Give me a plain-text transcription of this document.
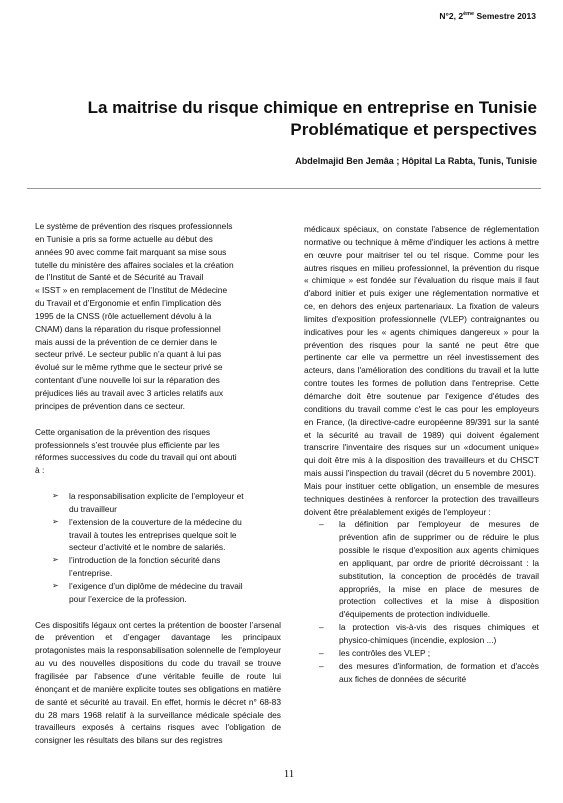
N°2, 2ème Semestre 2013
La maitrise du risque chimique en entreprise en Tunisie
Problématique et perspectives
Abdelmajid Ben Jemâa ; Hôpital La Rabta, Tunis, Tunisie

Le système de prévention des risques professionnels
en Tunisie a pris sa forme actuelle au début des
années 90 avec comme fait marquant sa mise sous
tutelle du ministère des affaires sociales et la création
de l’Institut de Santé et de Sécurité au Travail
« ISST » en remplacement de l’Institut de Médecine
du Travail et d’Ergonomie et enfin l’implication dès
1995 de la CNSS (rôle actuellement dévolu à la
CNAM) dans la réparation du risque professionnel
mais aussi de la prévention de ce dernier dans le
secteur privé. Le secteur public n’a quant à lui pas
évolué sur le même rythme que le secteur privé se
contentant d’une nouvelle loi sur la réparation des
préjudices liés au travail avec 3 articles relatifs aux
principes de prévention dans ce secteur.

Cette organisation de la prévention des risques
professionnels s’est trouvée plus efficiente par les
réformes successives du code du travail qui ont abouti
à :

➢ la responsabilisation explicite de l’employeur et
du travailleur
➢ l’extension de la couverture de la médecine du
travail à toutes les entreprises quelque soit le
secteur d’activité et le nombre de salariés.
➢ l’introduction de la fonction sécurité dans
l’entreprise.
➢ l’exigence d’un diplôme de médecine du travail
pour l’exercice de la profession.

Ces dispositifs légaux ont certes la prétention de booster l’arsenal de prévention et d’engager davantage les principaux protagonistes mais la responsabilisation solennelle de l'employeur au vu des nouvelles dispositions du code du travail se trouve fragilisée par l'absence d'une véritable feuille de route lui énonçant et de manière explicite toutes ses obligations en matière de santé et sécurité au travail. En effet, hormis le décret n° 68-83 du 28 mars 1968 relatif à la surveillance médicale spéciale des travailleurs exposés à certains risques avec l'obligation de consigner les résultats des bilans sur des registres

médicaux spéciaux, on constate l'absence de réglementation normative ou technique à même d'indiquer les actions à mettre en œuvre pour maitriser tel ou tel risque. Comme pour les autres risques en milieu professionnel, la prévention du risque « chimique » est fondée sur l'évaluation du risque mais il faut d'abord initier et puis exiger une réglementation normative et ce, en dehors des enjeux partenariaux. La fixation de valeurs limites d'exposition professionnelle (VLEP) contraignantes ou indicatives pour les « agents chimiques dangereux » pour la prévention des risques pour la santé ne peut être que pertinente car elle va permettre un réel investissement des acteurs, dans l'amélioration des conditions du travail et la lutte contre toutes les formes de pollution dans l'entreprise. Cette démarche doit être soutenue par l'exigence d'études des conditions du travail comme c'est le cas pour les employeurs en France, (la directive-cadre européenne 89/391 sur la santé et la sécurité au travail de 1989) qui doivent également transcrire l'inventaire des risques sur un «document unique» qui doit être mis à la disposition des travailleurs et du CHSCT mais aussi l'inspection du travail (décret du 5 novembre 2001).

Mais pour instituer cette obligation, un ensemble de mesures techniques destinées à renforcer la protection des travailleurs doivent être préalablement exigés de l'employeur :

– la définition par l'employeur de mesures de prévention afin de supprimer ou de réduire le plus possible le risque d'exposition aux agents chimiques en appliquant, par ordre de priorité décroissant : la substitution, la conception de procédés de travail appropriés, la mise en place de mesures de protection collectives et la mise à disposition d'équipements de protection individuelle.
– la protection vis-à-vis des risques chimiques et physico-chimiques (incendie, explosion ...)
– les contrôles des VLEP ;
– des mesures d'information, de formation et d'accès aux fiches de données de sécurité
11
